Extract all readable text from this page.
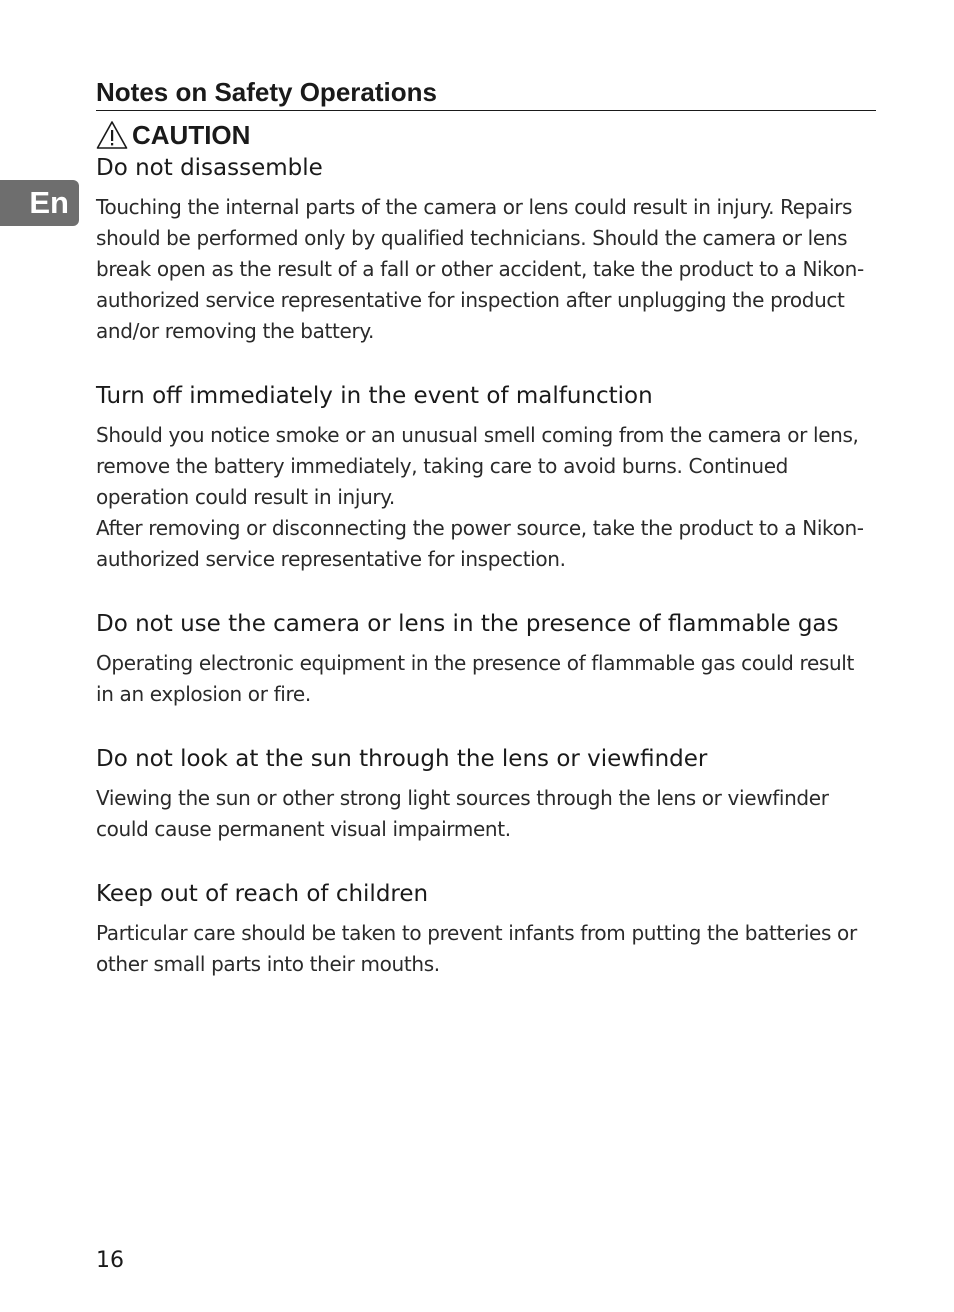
En
Notes on Safety Operations
CAUTION
Do not disassemble

Touching the internal parts of the camera or lens could result in injury. Repairs should be performed only by qualified technicians. Should the camera or lens break open as the result of a fall or other accident, take the product to a Nikon-authorized service representative for inspection after unplugging the product and/or removing the battery.

Turn off immediately in the event of malfunction

Should you notice smoke or an unusual smell coming from the camera or lens, remove the battery immediately, taking care to avoid burns. Continued operation could result in injury.

After removing or disconnecting the power source, take the product to a Nikon-authorized service representative for inspection.

Do not use the camera or lens in the presence of flammable gas

Operating electronic equipment in the presence of flammable gas could result in an explosion or fire.

Do not look at the sun through the lens or viewfinder

Viewing the sun or other strong light sources through the lens or viewfinder could cause permanent visual impairment.

Keep out of reach of children

Particular care should be taken to prevent infants from putting the batteries or other small parts into their mouths.

16
